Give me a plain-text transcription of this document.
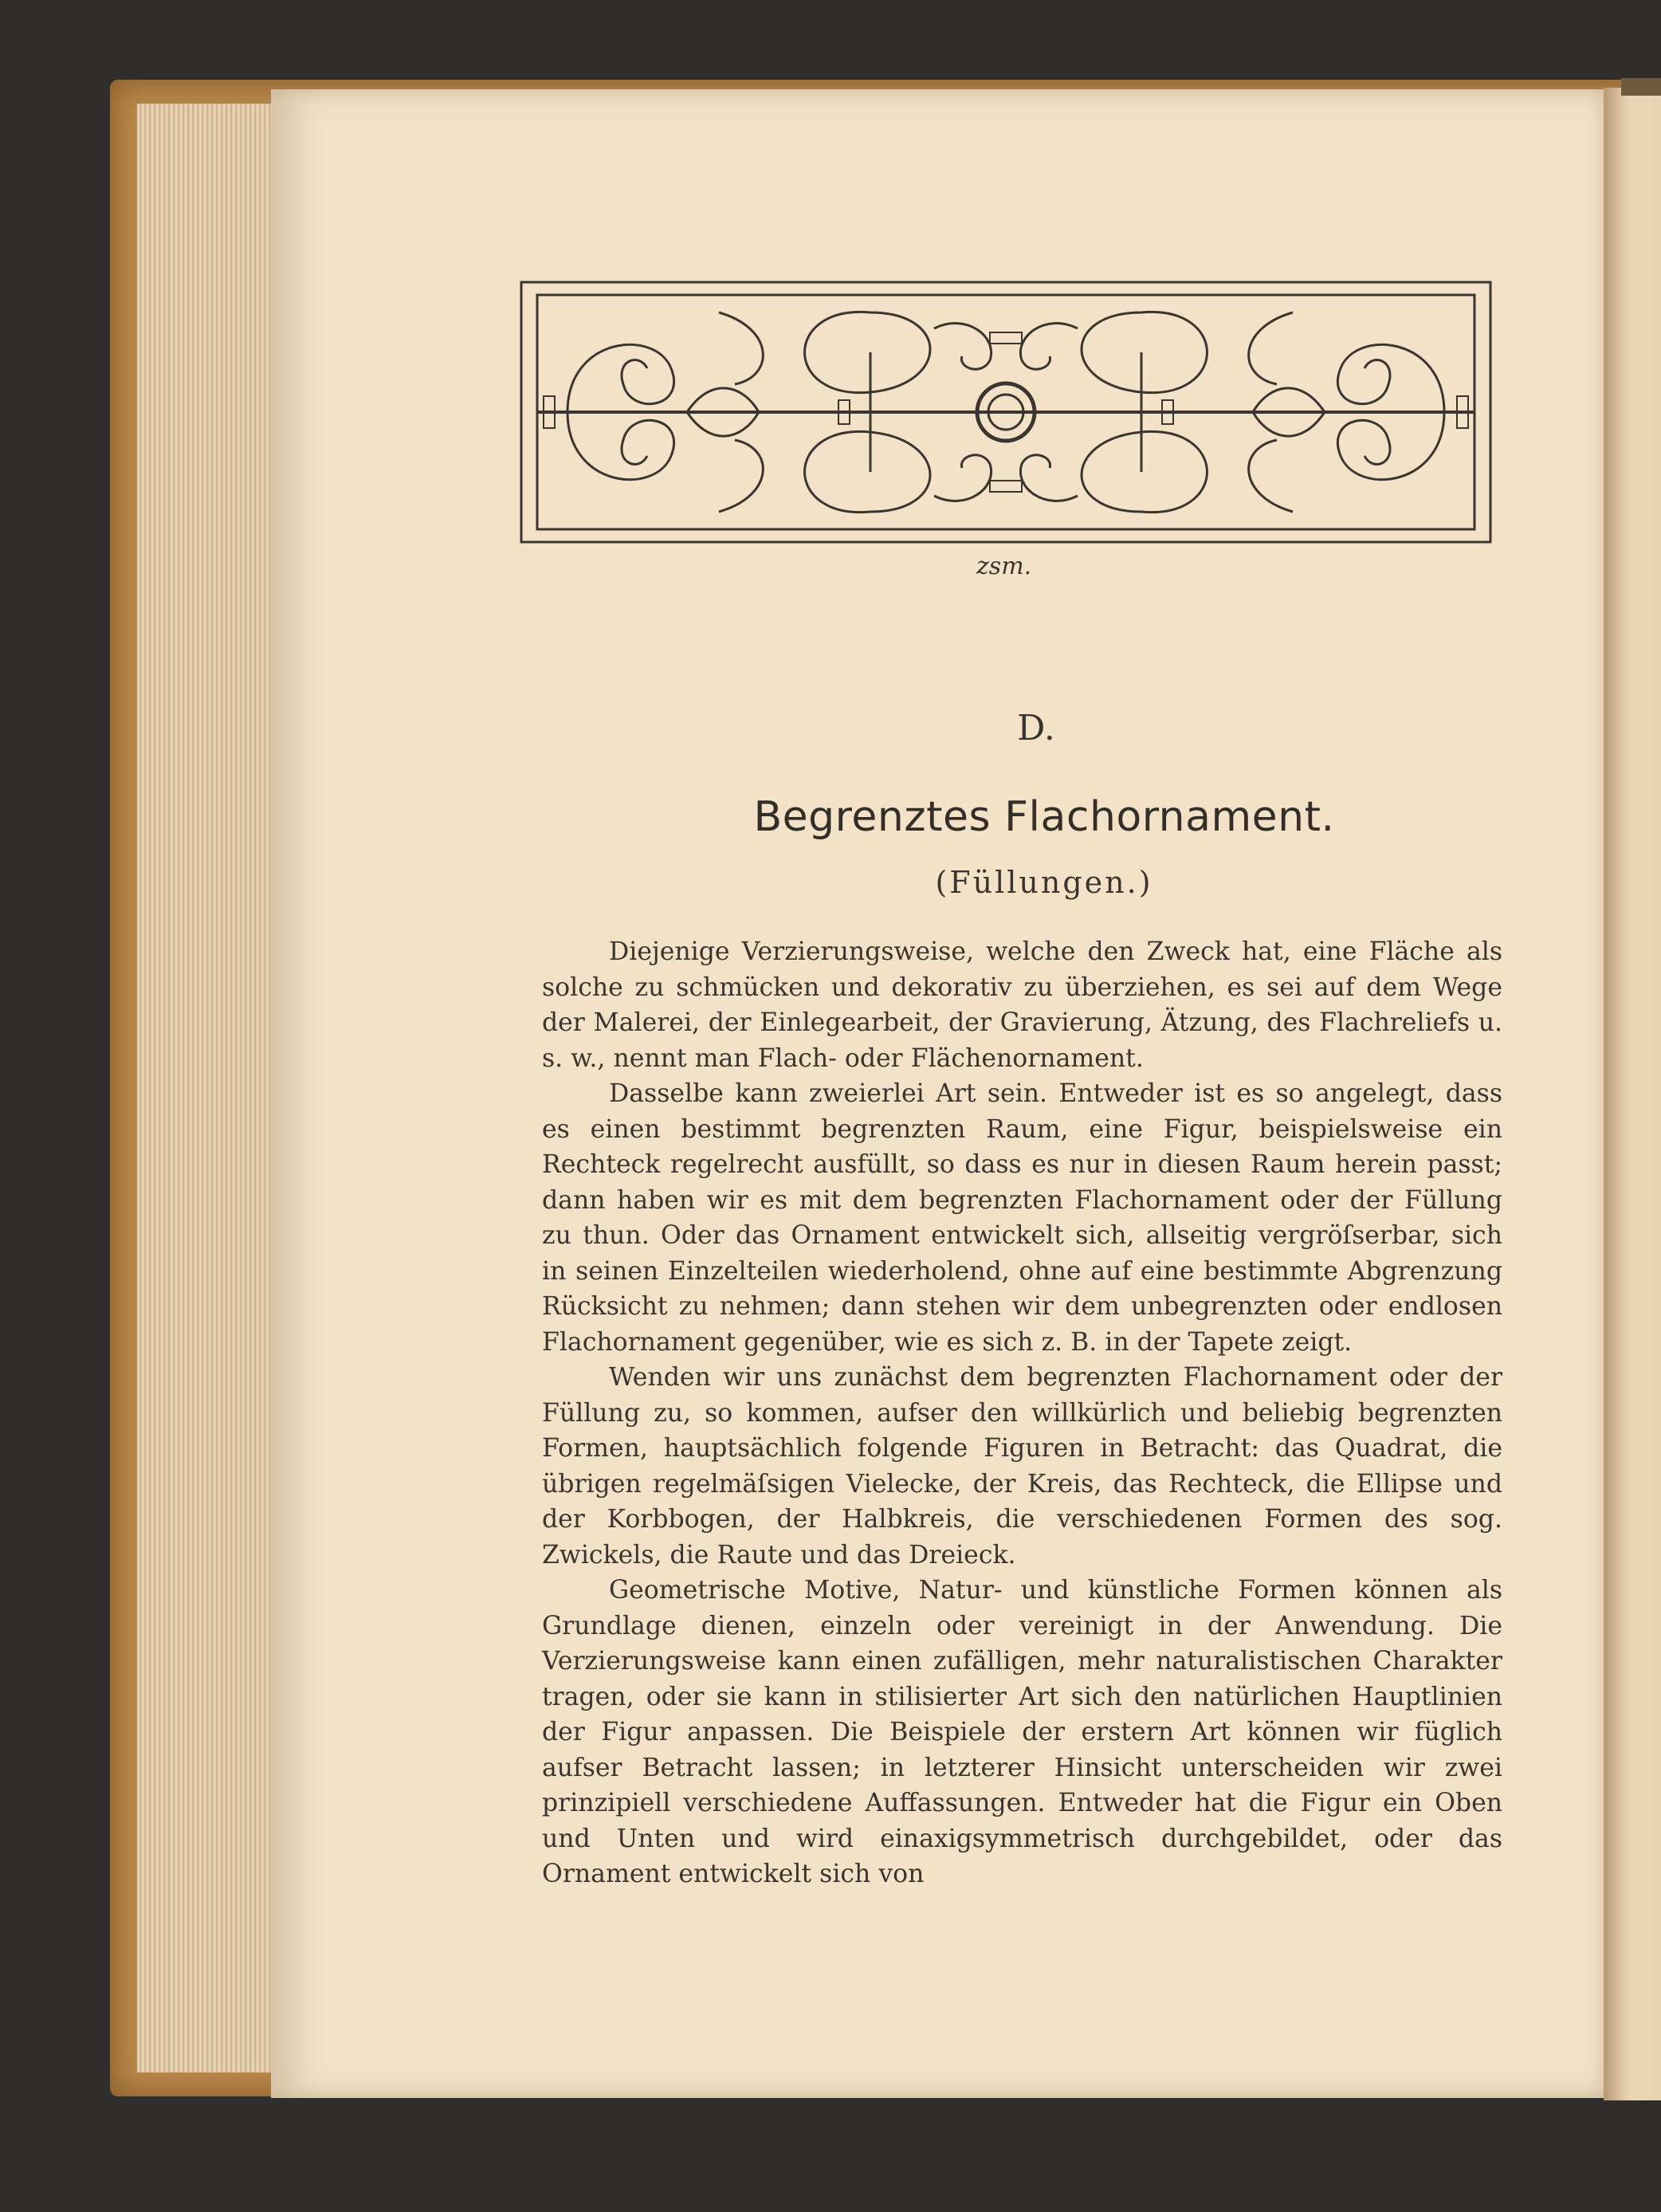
zsm.
D.
Begrenztes Flachornament.
(Füllungen.)

Diejenige Verzierungsweise, welche den Zweck hat, eine Fläche als solche zu schmücken und dekorativ zu überziehen, es sei auf dem Wege der Malerei, der Einlegearbeit, der Gravierung, Ätzung, des Flachreliefs u. s. w., nennt man Flach- oder Flächenornament.

Dasselbe kann zweierlei Art sein. Entweder ist es so angelegt, dass es einen bestimmt begrenzten Raum, eine Figur, beispielsweise ein Rechteck regelrecht ausfüllt, so dass es nur in diesen Raum herein passt; dann haben wir es mit dem begrenzten Flachornament oder der Füllung zu thun. Oder das Ornament entwickelt sich, allseitig vergröſserbar, sich in seinen Einzelteilen wiederholend, ohne auf eine bestimmte Abgrenzung Rücksicht zu nehmen; dann stehen wir dem unbegrenzten oder endlosen Flachornament gegenüber, wie es sich z. B. in der Tapete zeigt.

Wenden wir uns zunächst dem begrenzten Flachornament oder der Füllung zu, so kommen, aufser den willkürlich und beliebig begrenzten Formen, hauptsächlich folgende Figuren in Betracht: das Quadrat, die übrigen regelmäſsigen Vielecke, der Kreis, das Rechteck, die Ellipse und der Korbbogen, der Halbkreis, die verschiedenen Formen des sog. Zwickels, die Raute und das Dreieck.

Geometrische Motive, Natur- und künstliche Formen können als Grundlage dienen, einzeln oder vereinigt in der Anwendung. Die Verzierungsweise kann einen zufälligen, mehr naturalistischen Charakter tragen, oder sie kann in stilisierter Art sich den natürlichen Hauptlinien der Figur anpassen. Die Beispiele der erstern Art können wir füglich aufser Betracht lassen; in letzterer Hinsicht unterscheiden wir zwei prinzipiell verschiedene Auffassungen. Entweder hat die Figur ein Oben und Unten und wird einaxigsymmetrisch durchgebildet, oder das Ornament entwickelt sich von
